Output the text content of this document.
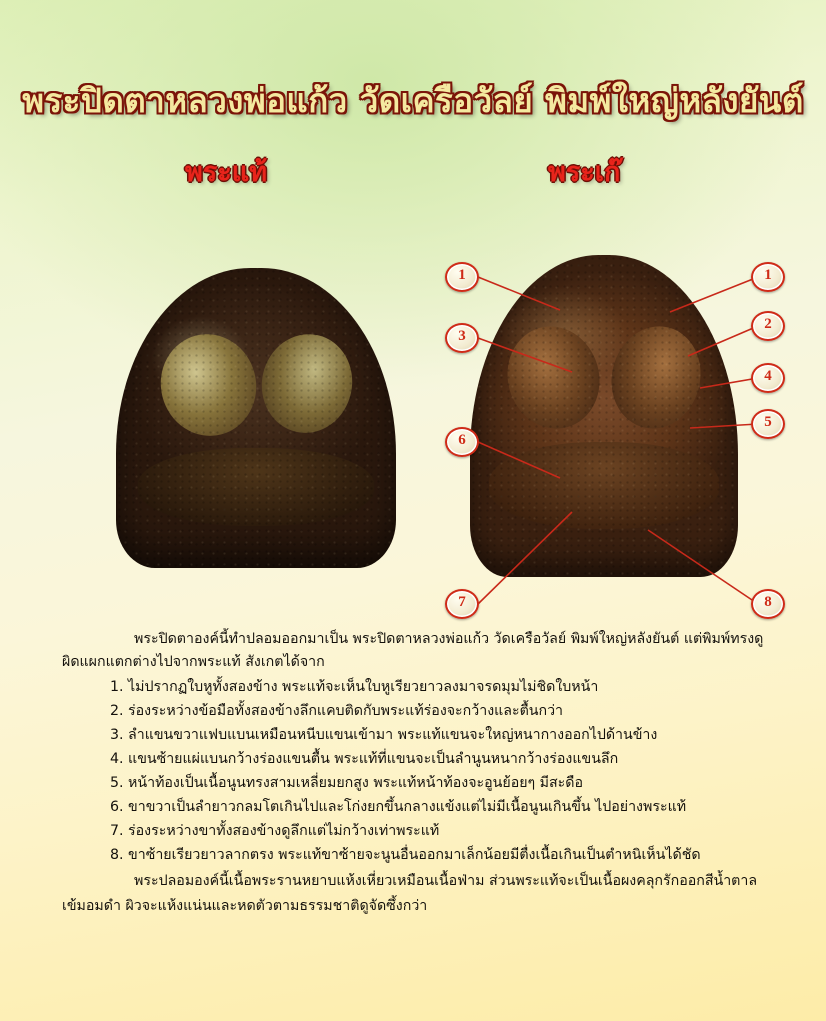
พระปิดตาหลวงพ่อแก้ว วัดเครือวัลย์ พิมพ์ใหญ่หลังยันต์
พระแท้	พระเก๊
1
3
6
7
1
2
4
5
8

พระปิดตาองค์นี้ทำปลอมออกมาเป็น พระปิดตาหลวงพ่อแก้ว วัดเครือวัลย์ พิมพ์ใหญ่หลังยันต์ แต่พิมพ์ทรงดูผิดแผกแตกต่างไปจากพระแท้ สังเกตได้จาก

1. ไม่ปรากฏใบหูทั้งสองข้าง พระแท้จะเห็นใบหูเรียวยาวลงมาจรดมุมไม่ชิดใบหน้า
2. ร่องระหว่างข้อมือทั้งสองข้างลึกแคบติดกับพระแท้ร่องจะกว้างและตื้นกว่า
3. ลำแขนขวาแฟบแบนเหมือนหนีบแขนเข้ามา พระแท้แขนจะใหญ่หนากางออกไปด้านข้าง
4. แขนซ้ายแผ่แบนกว้างร่องแขนตื้น พระแท้ที่แขนจะเป็นลำนูนหนากว้างร่องแขนลึก
5. หน้าท้องเป็นเนื้อนูนทรงสามเหลี่ยมยกสูง พระแท้หน้าท้องจะอูนย้อยๆ มีสะดือ
6. ขาขวาเป็นลำยาวกลมโตเกินไปและโก่งยกขึ้นกลางแข้งแต่ไม่มีเนื้อนูนเกินขึ้น ไปอย่างพระแท้
7. ร่องระหว่างขาทั้งสองข้างดูลึกแต่ไม่กว้างเท่าพระแท้
8. ขาซ้ายเรียวยาวลากตรง พระแท้ขาซ้ายจะนูนอื่นออกมาเล็กน้อยมีตื่งเนื้อเกินเป็นตำหนิเห็นได้ชัด

พระปลอมองค์นี้เนื้อพระรานหยาบแห้งเหี่ยวเหมือนเนื้อฟ่าม ส่วนพระแท้จะเป็นเนื้อผงคลุกรักออกสีน้ำตาล

เข้มอมดำ ผิวจะแห้งแน่นและหดตัวตามธรรมชาติดูจัดซึ้งกว่า
